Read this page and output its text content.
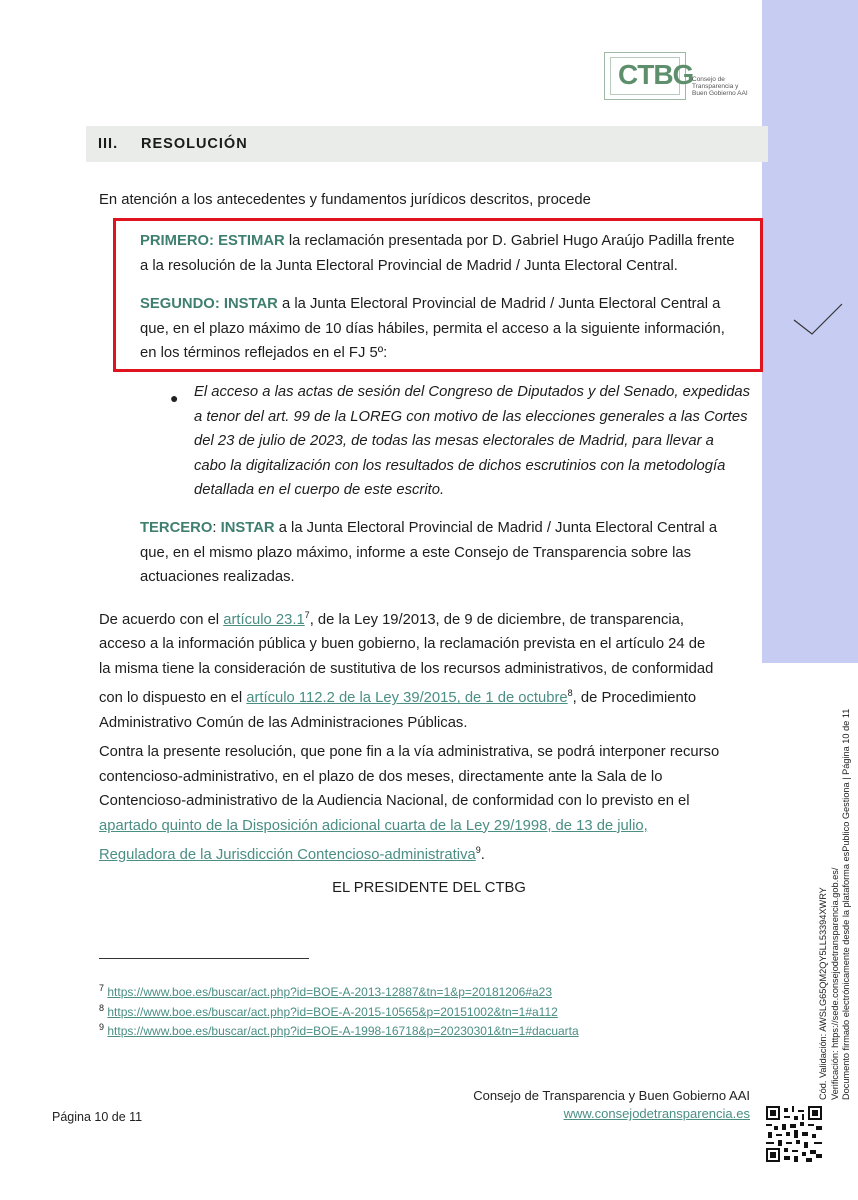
CTBG
Consejo de
Transparencia y
Buen Gobierno AAI
III. RESOLUCIÓN
En atención a los antecedentes y fundamentos jurídicos descritos, procede
PRIMERO: ESTIMAR la reclamación presentada por D. Gabriel Hugo Araújo Padilla frente
a la resolución de la Junta Electoral Provincial de Madrid / Junta Electoral Central.
SEGUNDO: INSTAR a la Junta Electoral Provincial de Madrid / Junta Electoral Central a
que, en el plazo máximo de 10 días hábiles, permita el acceso a la siguiente información,
en los términos reflejados en el FJ 5º:
● El acceso a las actas de sesión del Congreso de Diputados y del Senado, expedidas
a tenor del art. 99 de la LOREG con motivo de las elecciones generales a las Cortes
del 23 de julio de 2023, de todas las mesas electorales de Madrid, para llevar a
cabo la digitalización con los resultados de dichos escrutinios con la metodología
detallada en el cuerpo de este escrito.
TERCERO: INSTAR a la Junta Electoral Provincial de Madrid / Junta Electoral Central a
que, en el mismo plazo máximo, informe a este Consejo de Transparencia sobre las
actuaciones realizadas.
De acuerdo con el artículo 23.1$^7$, de la Ley 19/2013, de 9 de diciembre, de transparencia,
acceso a la información pública y buen gobierno, la reclamación prevista en el artículo 24 de
la misma tiene la consideración de sustitutiva de los recursos administrativos, de conformidad
con lo dispuesto en el artículo 112.2 de la Ley 39/2015, de 1 de octubre$^8$, de Procedimiento
Administrativo Común de las Administraciones Públicas.
Contra la presente resolución, que pone fin a la vía administrativa, se podrá interponer recurso
contencioso-administrativo, en el plazo de dos meses, directamente ante la Sala de lo
Contencioso-administrativo de la Audiencia Nacional, de conformidad con lo previsto en el
apartado quinto de la Disposición adicional cuarta de la Ley 29/1998, de 13 de julio,
Reguladora de la Jurisdicción Contencioso-administrativa$^9$.
EL PRESIDENTE DEL CTBG
$^7$ https://www.boe.es/buscar/act.php?id=BOE-A-2013-12887&tn=1&p=20181206#a23
$^8$ https://www.boe.es/buscar/act.php?id=BOE-A-2015-10565&p=20151002&tn=1#a112
$^9$ https://www.boe.es/buscar/act.php?id=BOE-A-1998-16718&p=20230301&tn=1#dacuarta
Consejo de Transparencia y Buen Gobierno AAI
www.consejodetransparencia.es
Página 10 de 11
Cód. Validación: AWSLG65QM2QY5LL53394XWRY Verificación: https://sede.consejodetransparencia.gob.es/ Documento firmado electrónicamente desde la plataforma esPublico Gestiona | Página 10 de 11
